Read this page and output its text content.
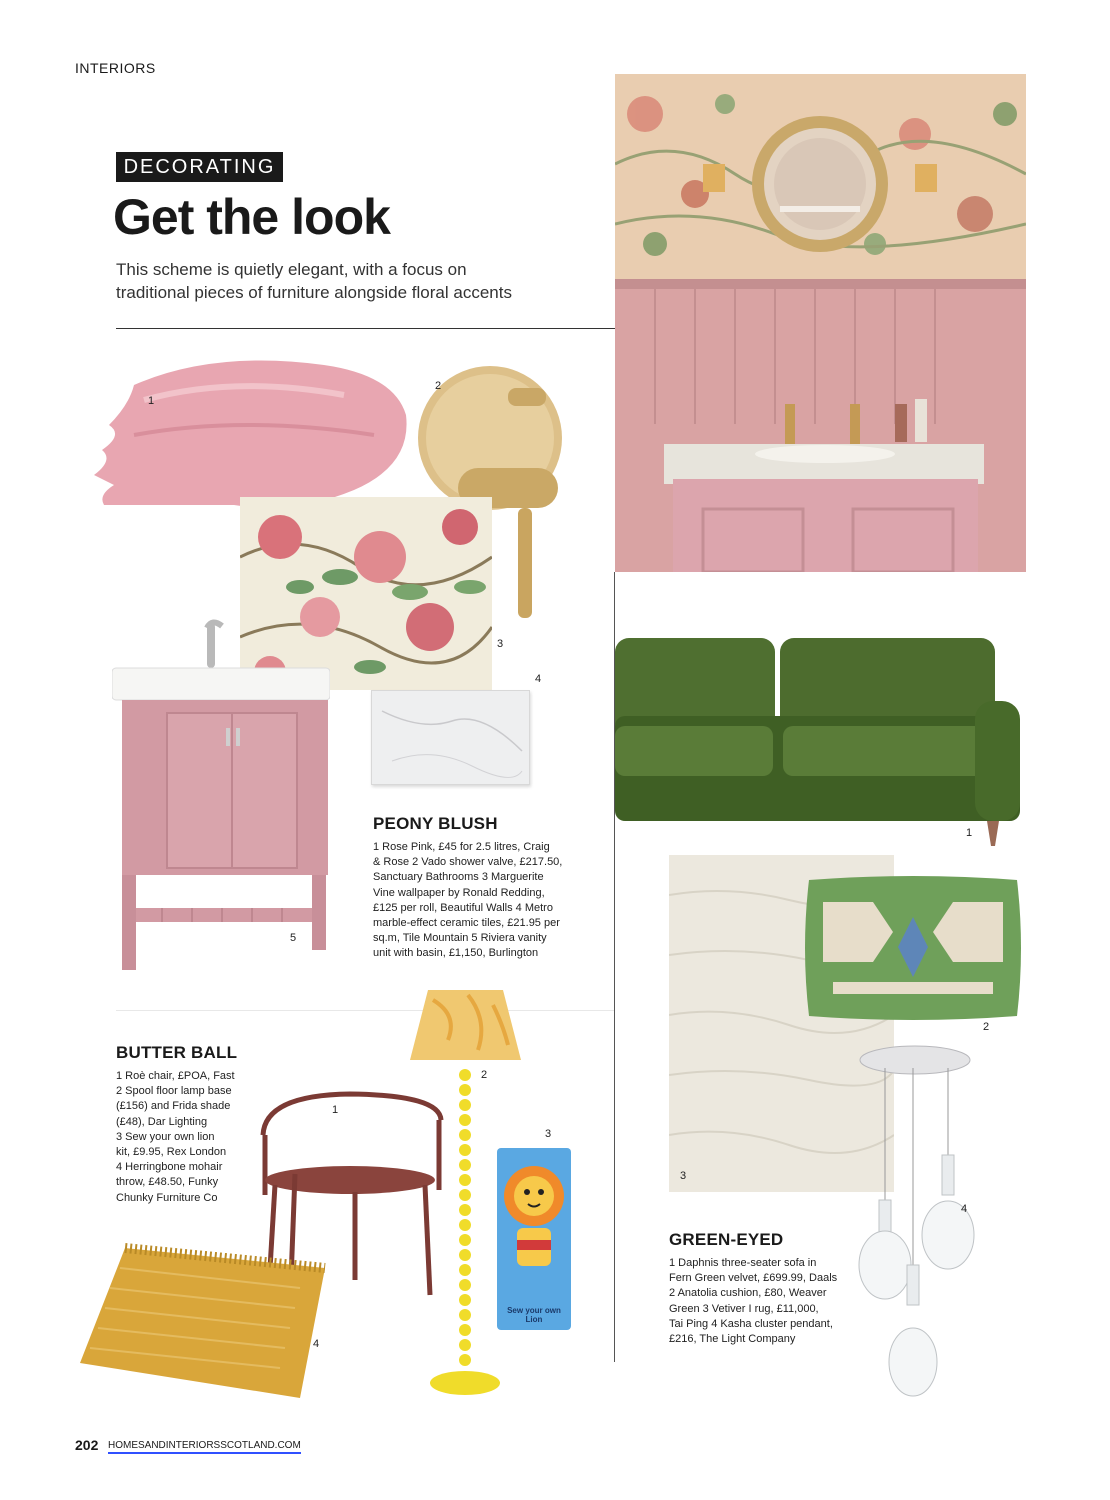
INTERIORS
DECORATING
Get the look
This scheme is quietly elegant, with a focus on
traditional pieces of furniture alongside floral accents
1
2
3
4
5
PEONY BLUSH
1 Rose Pink, £45 for 2.5 litres, Craig
& Rose 2 Vado shower valve, £217.50,
Sanctuary Bathrooms 3 Marguerite
Vine wallpaper by Ronald Redding,
£125 per roll, Beautiful Walls 4 Metro
marble-effect ceramic tiles, £21.95 per
sq.m, Tile Mountain 5 Riviera vanity
unit with basin, £1,150, Burlington
1
3
2
4
GREEN-EYED
1 Daphnis three-seater sofa in
Fern Green velvet, £699.99, Daals
2 Anatolia cushion, £80, Weaver
Green 3 Vetiver I rug, £11,000,
Tai Ping 4 Kasha cluster pendant,
£216, The Light Company
BUTTER BALL
1 Roè chair, £POA, Fast
2 Spool floor lamp base
(£156) and Frida shade
(£48), Dar Lighting
3 Sew your own lion
kit, £9.95, Rex London
4 Herringbone mohair
throw, £48.50, Funky
Chunky Furniture Co
1
2
Sew your own Lion
3
4
202 HOMESANDINTERIORSSCOTLAND.COM
